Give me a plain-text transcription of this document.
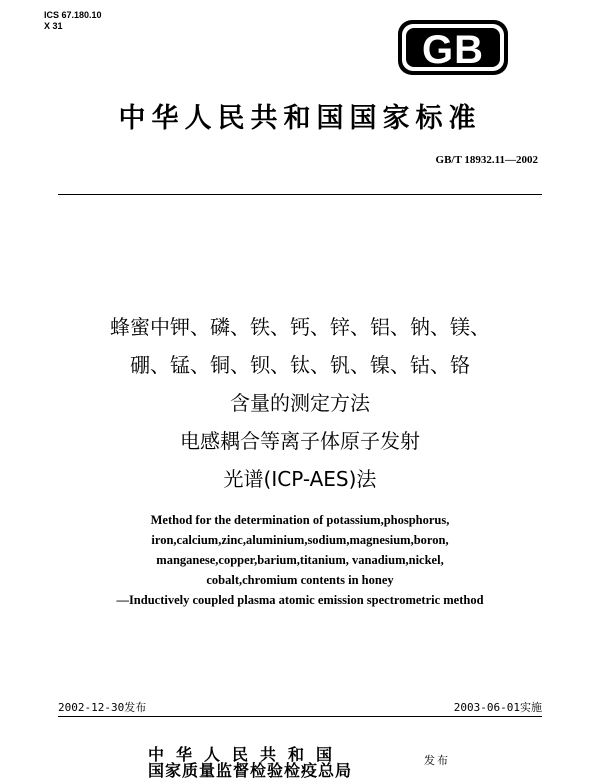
ICS 67.180.10
X 31
GB
中华人民共和国国家标准
GB/T 18932.11—2002
蜂蜜中钾、磷、铁、钙、锌、铝、钠、镁、
硼、锰、铜、钡、钛、钒、镍、钴、铬
含量的测定方法
电感耦合等离子体原子发射
光谱(ICP-AES)法
Method for the determination of potassium,phosphorus,
iron,calcium,zinc,aluminium,sodium,magnesium,boron,
manganese,copper,barium,titanium, vanadium,nickel,
cobalt,chromium contents in honey
—Inductively coupled plasma atomic emission spectrometric method
2002-12-30发布	2003-06-01实施
中华人民共和国
国家质量监督检验检疫总局
发布
